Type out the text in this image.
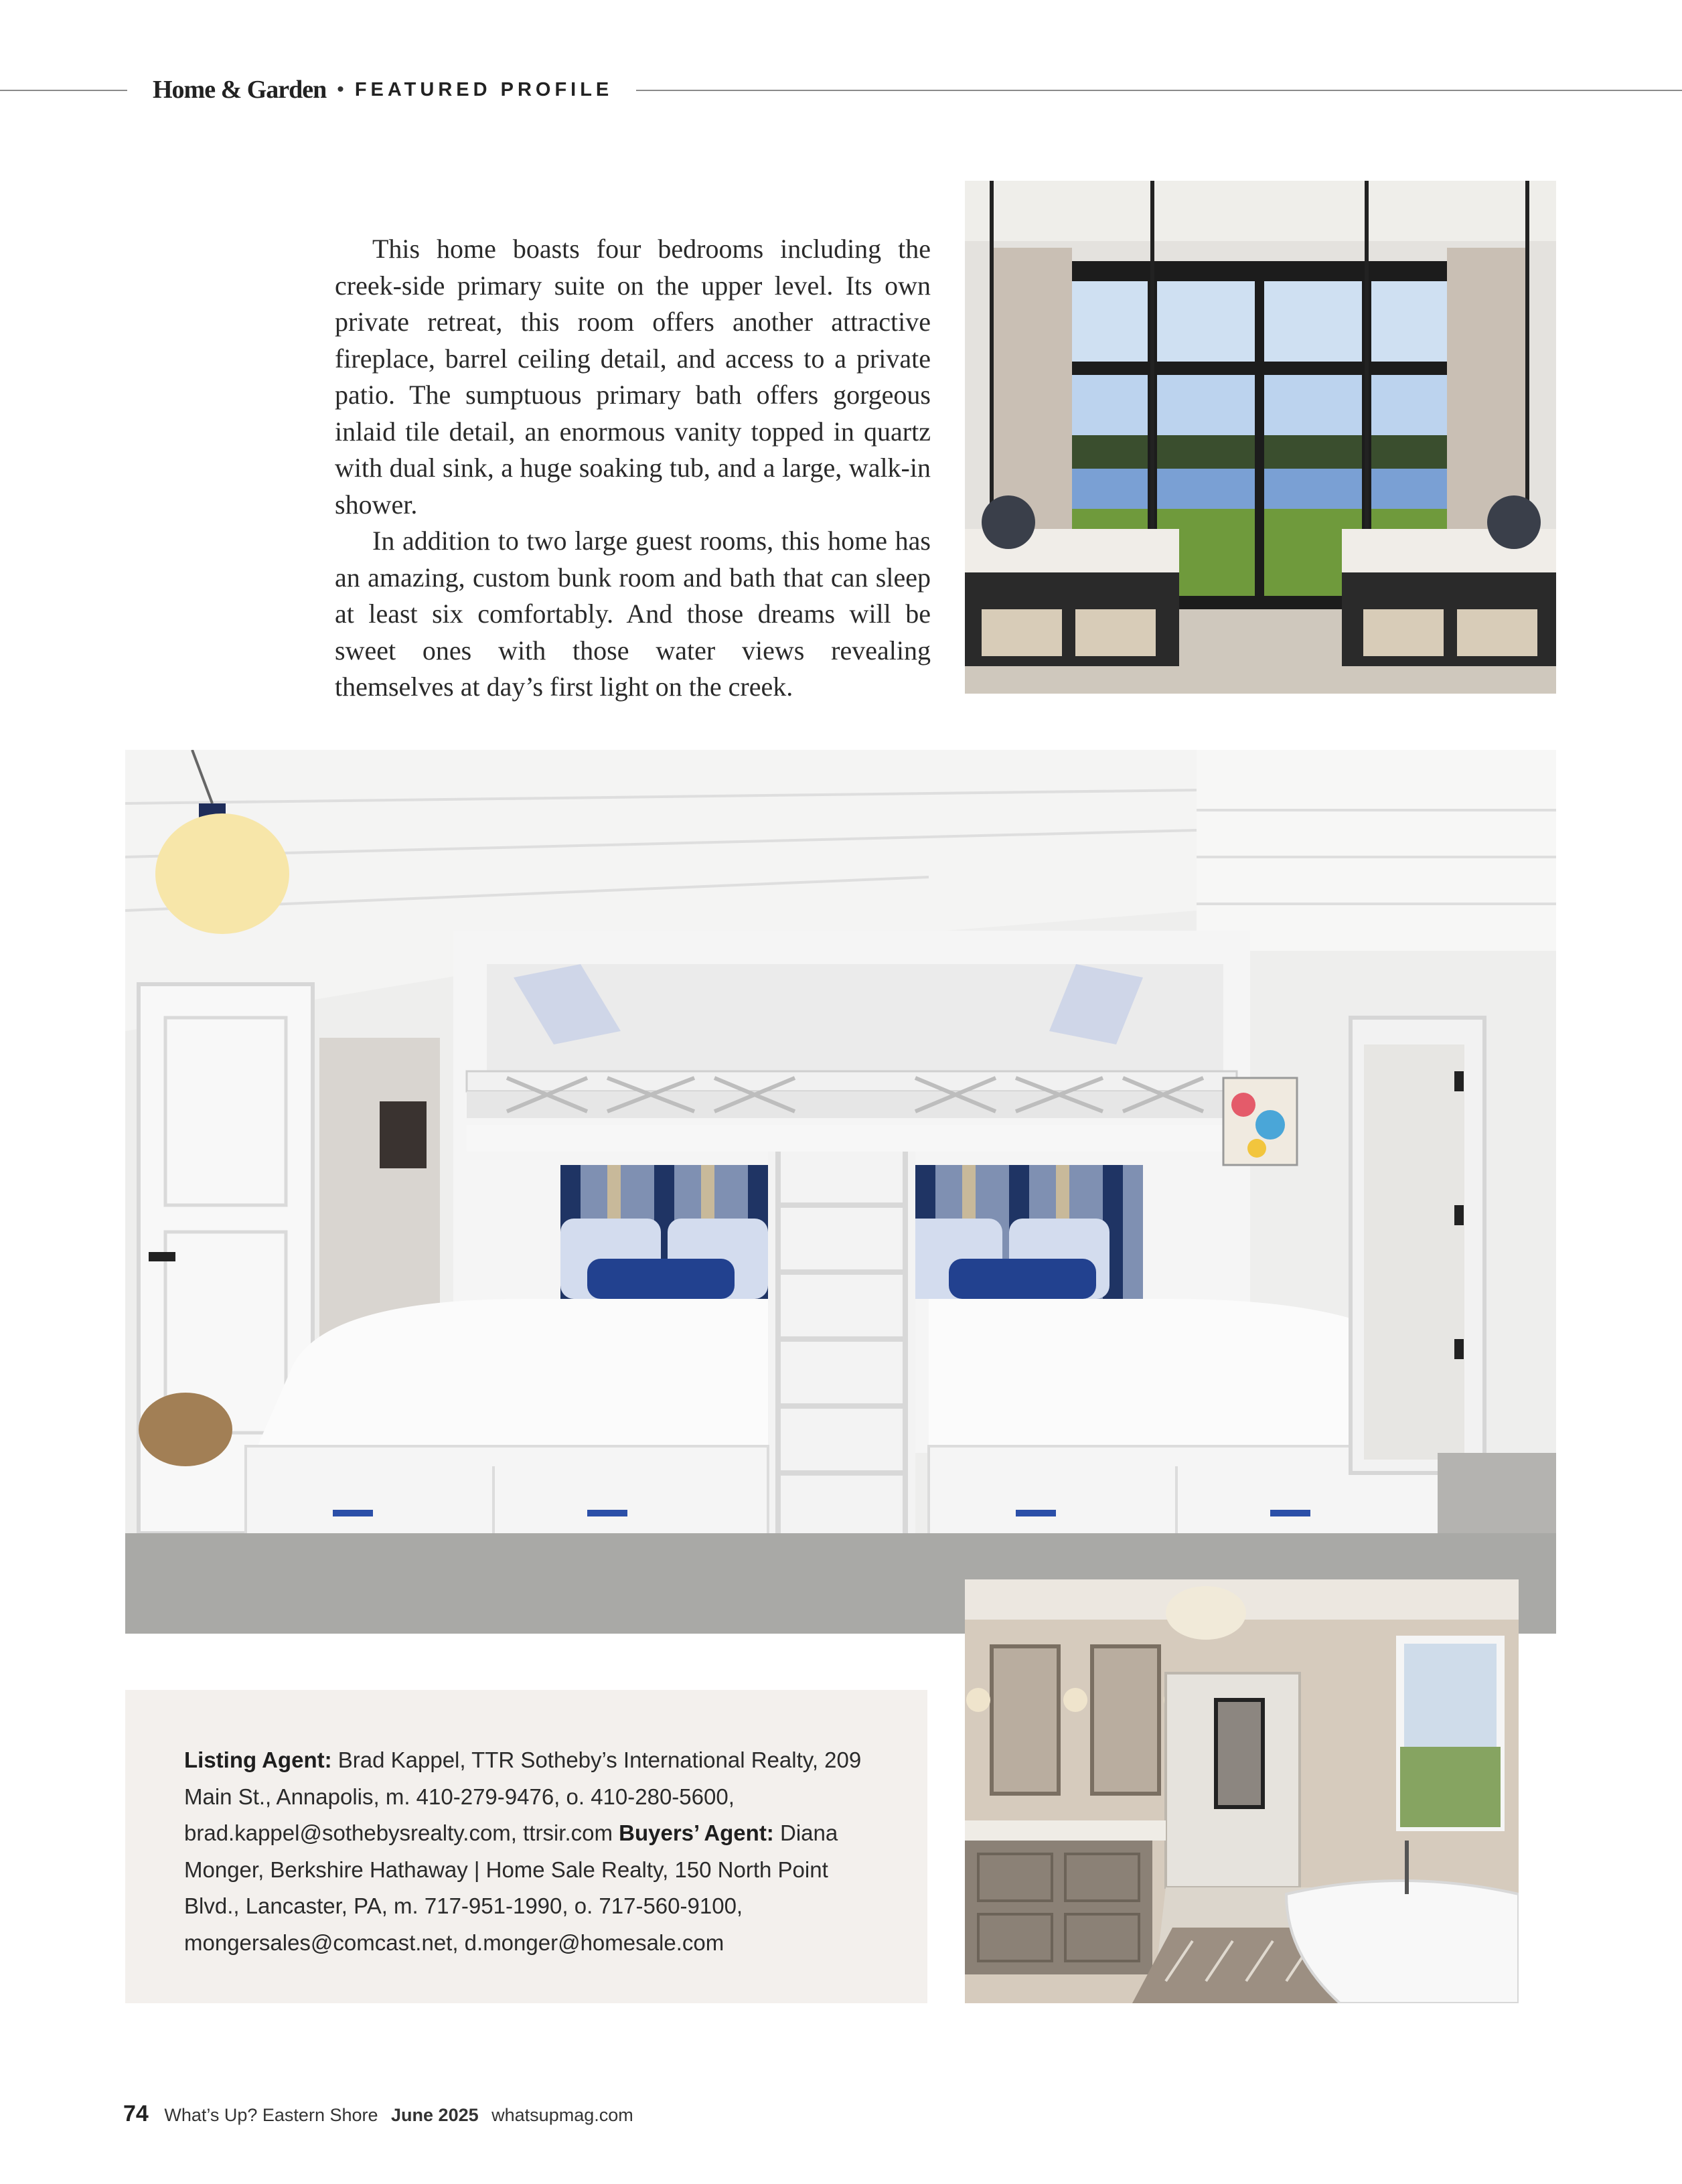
Home & Garden • FEATURED PROFILE

This home boasts four bedrooms including the creek-side primary suite on the upper level. Its own private retreat, this room offers another attractive fireplace, barrel ceiling detail, and access to a private patio. The sumptuous primary bath offers gorgeous inlaid tile detail, an enormous vanity topped in quartz with dual sink, a huge soaking tub, and a large, walk-in shower.

In addition to two large guest rooms, this home has an amazing, custom bunk room and bath that can sleep at least six comfortably. And those dreams will be sweet ones with those water views revealing themselves at day’s first light on the creek.

Listing Agent: Brad Kappel, TTR Sotheby’s International Realty, 209 Main St., Annapolis, m. 410-279-9476, o. 410-280-5600, brad.kappel@sothebysrealty.com, ttrsir.com Buyers’ Agent: Diana Monger, Berkshire Hathaway | Home Sale Realty, 150 North Point Blvd., Lancaster, PA, m. 717-951-1990, o. 717-560-9100, mongersales@comcast.net, d.monger@homesale.com
74 What’s Up? Eastern Shore June 2025 whatsupmag.com
